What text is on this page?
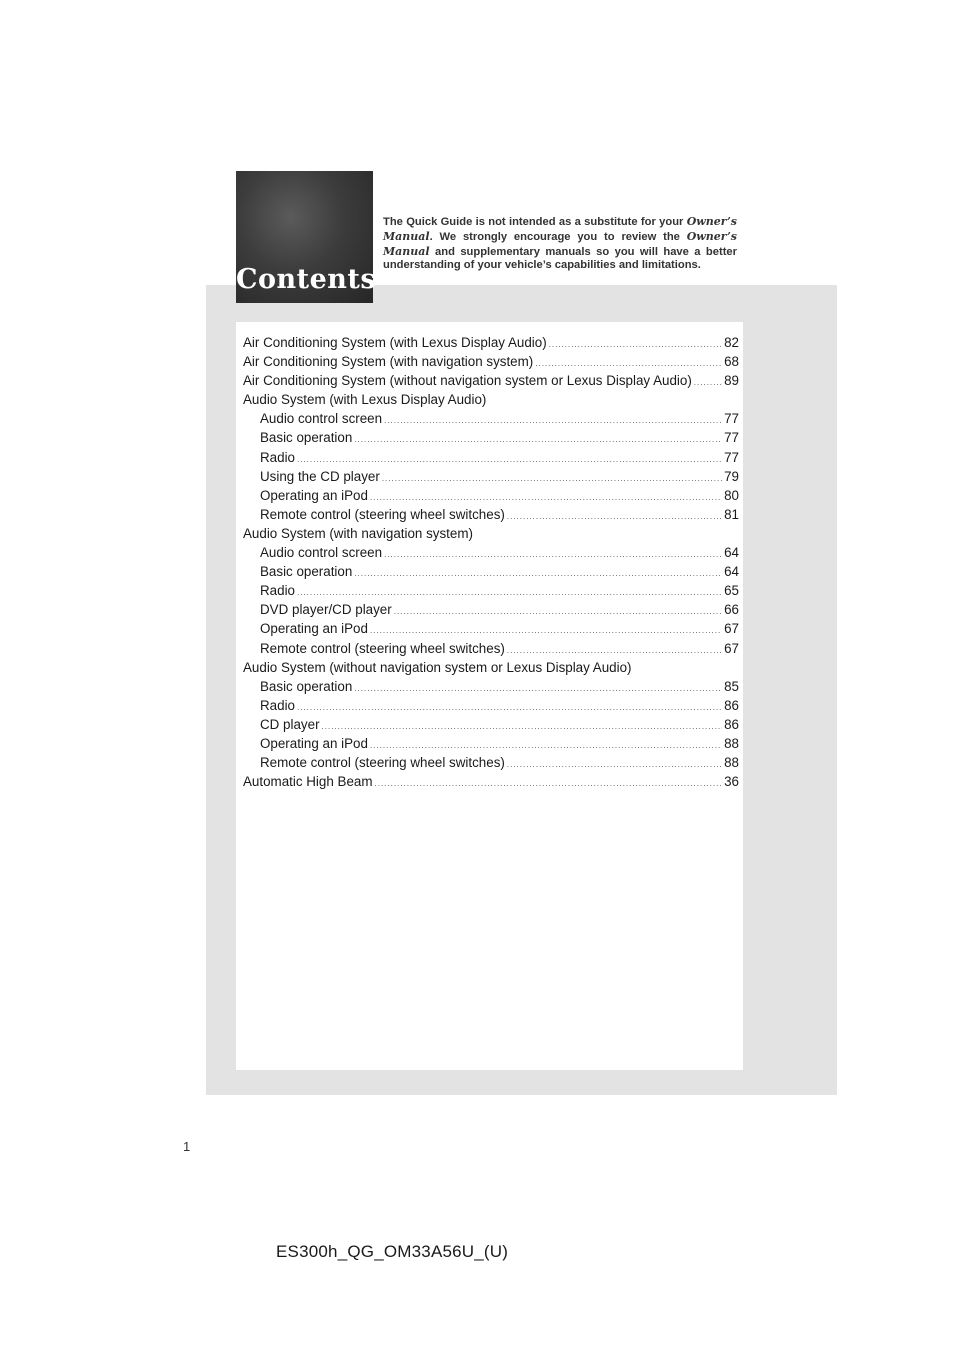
Contents
The Quick Guide is not intended as a substitute for your Owner’s Manual. We strongly encourage you to review the Owner’s Manual and supplementary manuals so you will have a better understanding of your vehicle’s capabilities and limitations.
Air Conditioning System (with Lexus Display Audio) .....	82
Air Conditioning System (with navigation system) .....	68
Air Conditioning System (without navigation system or Lexus Display Audio) ..... 89
Audio System (with Lexus Display Audio)
Audio control screen .....	77
Basic operation .....	77
Radio .....	77
Using the CD player .....	79
Operating an iPod .....	80
Remote control (steering wheel switches) .....	81
Audio System (with navigation system)
Audio control screen .....	64
Basic operation .....	64
Radio .....	65
DVD player/CD player .....	66
Operating an iPod .....	67
Remote control (steering wheel switches) .....	67
Audio System (without navigation system or Lexus Display Audio)
Basic operation .....	85
Radio .....	86
CD player .....	86
Operating an iPod .....	88
Remote control (steering wheel switches) .....	88
Automatic High Beam .....	36
1
ES300h_QG_OM33A56U_(U)
